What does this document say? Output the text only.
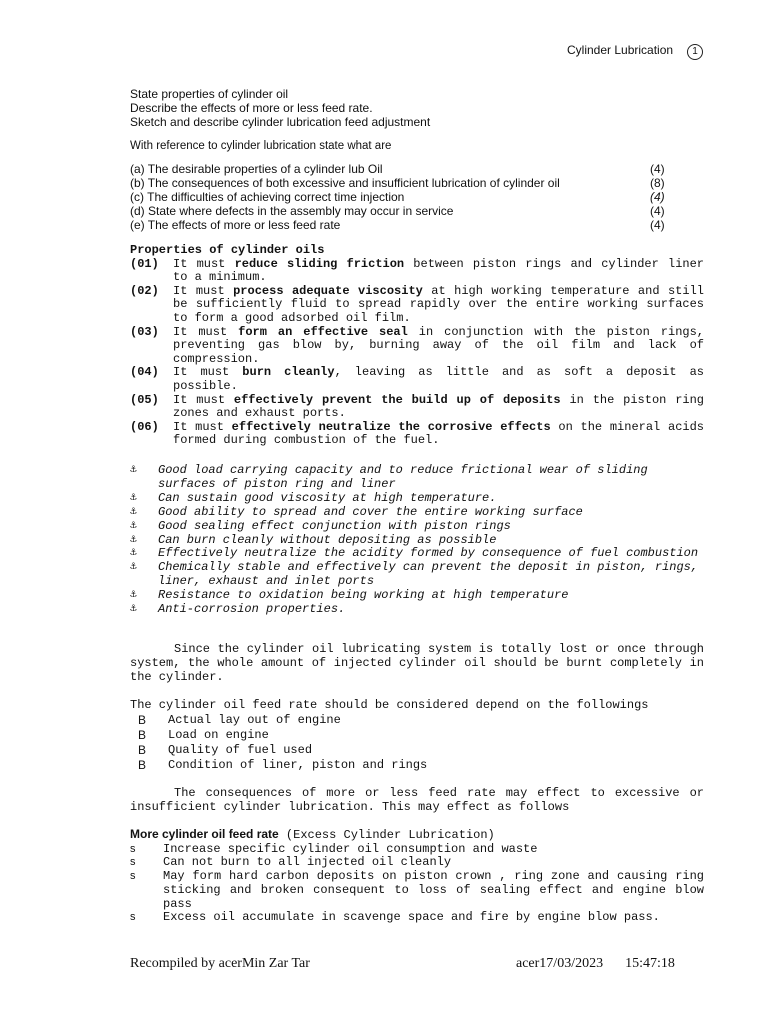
Cylinder Lubrication	1
State properties of cylinder oil
Describe the effects of more or less feed rate.
Sketch and describe cylinder lubrication feed adjustment
With reference to cylinder lubrication state what are
(a) The desirable properties of a cylinder lub Oil	(4)
(b) The consequences of both excessive and insufficient lubrication of cylinder oil	(8)
(c) The difficulties of achieving correct time injection	(4)
(d) State where defects in the assembly may occur in service	(4)
(e) The effects of more or less feed rate	(4)
Properties of cylinder oils
(01)	It must reduce sliding friction between piston rings and cylinder liner to a minimum.
(02)	It must process adequate viscosity at high working temperature and still be sufficiently fluid to spread rapidly over the entire working surfaces to form a good adsorbed oil film.
(03)	It must form an effective seal in conjunction with the piston rings, preventing gas blow by, burning away of the oil film and lack of compression.
(04)	It must burn cleanly, leaving as little and as soft a deposit as possible.
(05)	It must effectively prevent the build up of deposits in the piston ring zones and exhaust ports.
(06)	It must effectively neutralize the corrosive effects on the mineral acids formed during combustion of the fuel.
⚓	Good load carrying capacity and to reduce frictional wear of sliding surfaces of piston ring and liner
⚓	Can sustain good viscosity at high temperature.
⚓	Good ability to spread and cover the entire working surface
⚓	Good sealing effect conjunction with piston rings
⚓	Can burn cleanly without depositing as possible
⚓	Effectively neutralize the acidity formed by consequence of fuel combustion
⚓	Chemically stable and effectively can prevent the deposit in piston, rings, liner, exhaust and inlet ports
⚓	Resistance to oxidation being working at high temperature
⚓	Anti-corrosion properties.
Since the cylinder oil lubricating system is totally lost or once through system, the whole amount of injected cylinder oil should be burnt completely in the cylinder.
The cylinder oil feed rate should be considered depend on the followings
B	Actual lay out of engine
B	Load on engine
B	Quality of fuel used
B	Condition of liner, piston and rings
The consequences of more or less feed rate may effect to excessive or insufficient cylinder lubrication. This may effect as follows
More cylinder oil feed rate (Excess Cylinder Lubrication)
s	Increase specific cylinder oil consumption and waste
s	Can not burn to all injected oil cleanly
s	May form hard carbon deposits on piston crown , ring zone and causing ring sticking and broken consequent to loss of sealing effect and engine blow pass
s	Excess oil accumulate in scavenge space and fire by engine blow pass.
Recompiled by acerMin Zar Tar	acer17/03/2023 15:47:18
